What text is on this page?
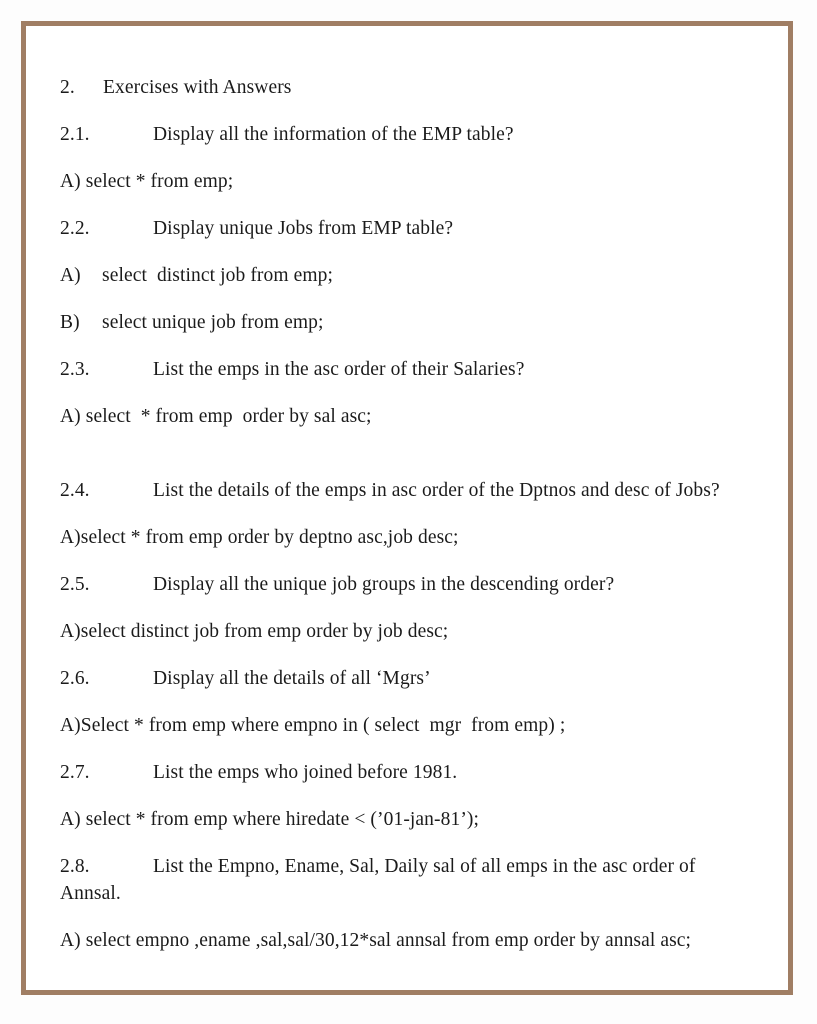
2. Exercises with Answers

2.1.	Display all the information of the EMP table?

A) select * from emp;

2.2.	Display unique Jobs from EMP table?

A) select  distinct job from emp;

B) select unique job from emp;

2.3.	List the emps in the asc order of their Salaries?

A) select  * from emp  order by sal asc;

2.4.	List the details of the emps in asc order of the Dptnos and desc of Jobs?

A)select * from emp order by deptno asc,job desc;

2.5.	Display all the unique job groups in the descending order?

A)select distinct job from emp order by job desc;

2.6.	Display all the details of all ‘Mgrs’

A)Select * from emp where empno in ( select  mgr  from emp) ;

2.7.	List the emps who joined before 1981.

A) select * from emp where hiredate < (’01-jan-81’);

2.8.	List the Empno, Ename, Sal, Daily sal of all emps in the asc order of Annsal.

A) select empno ,ename ,sal,sal/30,12*sal annsal from emp order by annsal asc;
